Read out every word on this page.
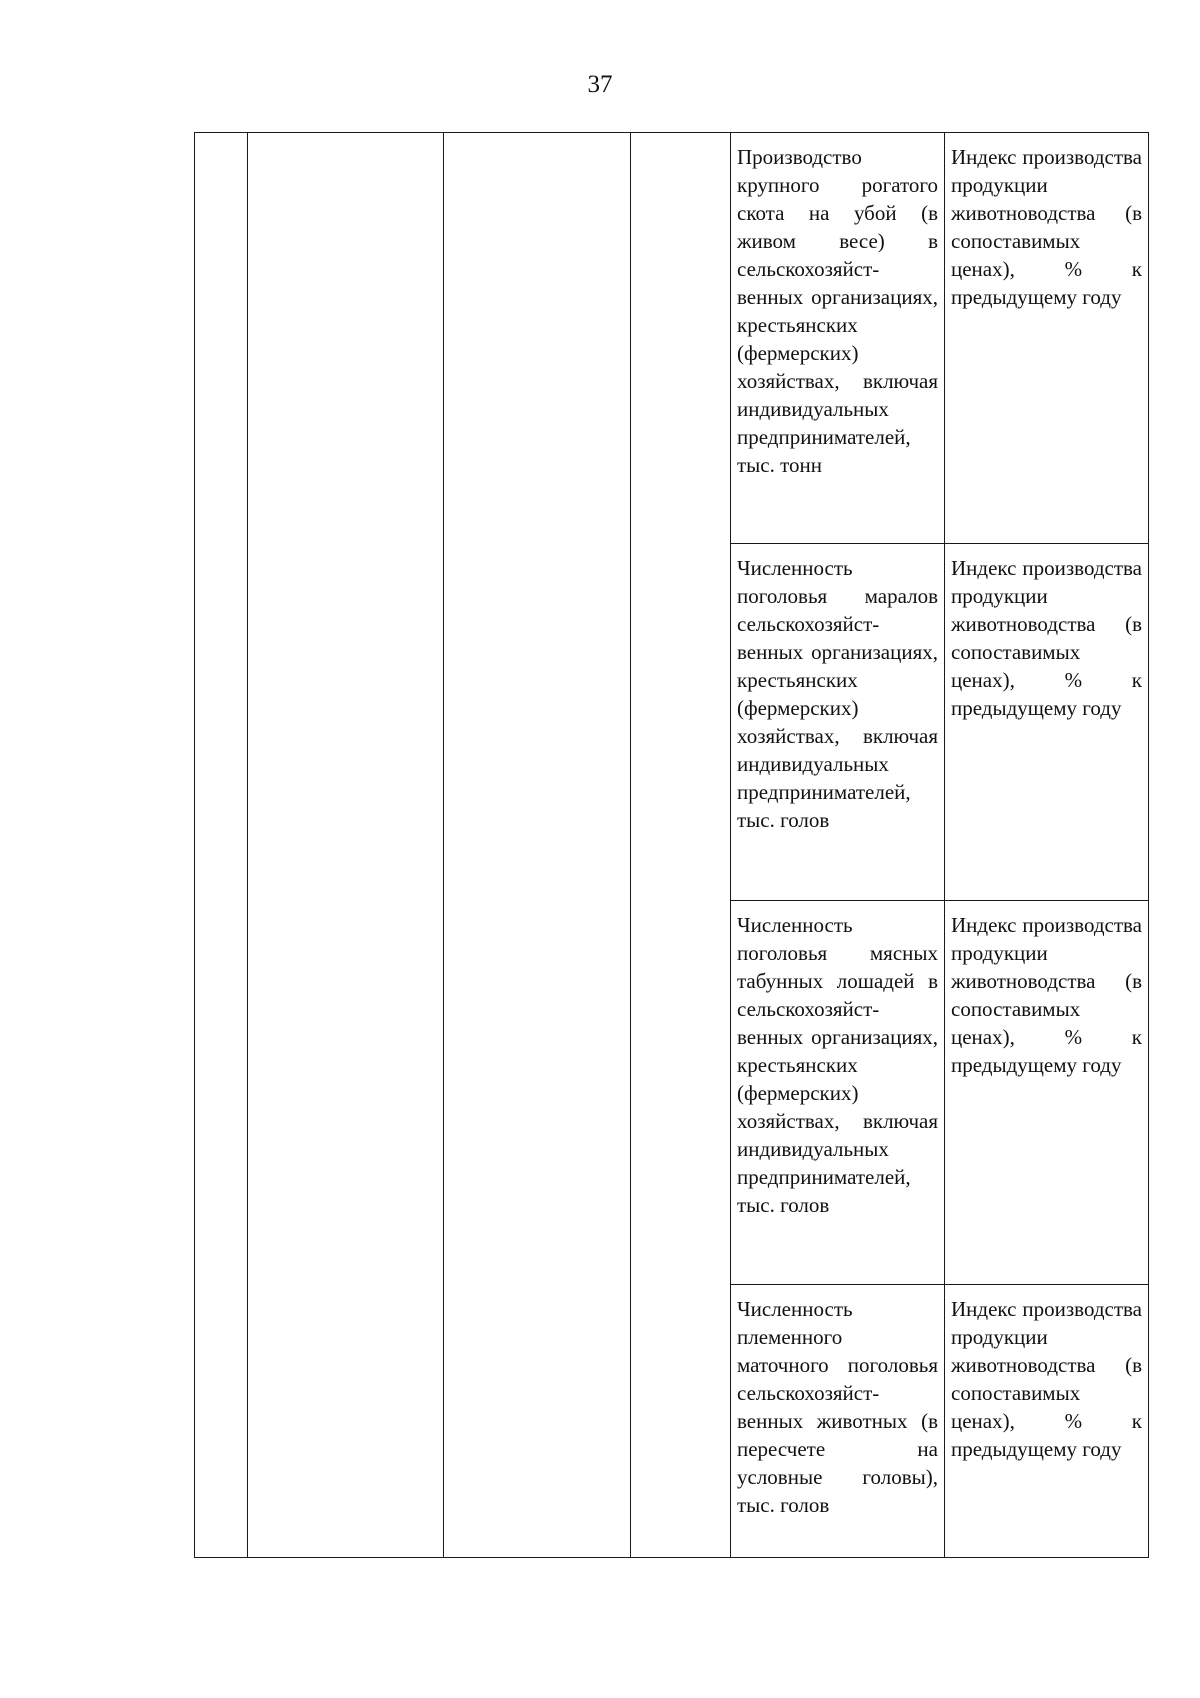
37

				Производство крупного рогатого скота на убой (в живом весе) в сельскохозяйст-венных организациях, крестьянских (фермерских) хозяйствах, включая индивидуальных предпринимателей, тыс. тонн	Индекс производства продукции животноводства (в сопоставимых ценах), % к предыдущему году

				Численность поголовья маралов сельскохозяйст-венных организациях, крестьянских (фермерских) хозяйствах, включая индивидуальных предпринимателей, тыс. голов	Индекс производства продукции животноводства (в сопоставимых ценах), % к предыдущему году

				Численность поголовья мясных табунных лошадей в сельскохозяйст-венных организациях, крестьянских (фермерских) хозяйствах, включая индивидуальных предпринимателей, тыс. голов	Индекс производства продукции животноводства (в сопоставимых ценах), % к предыдущему году

				Численность племенного маточного поголовья сельскохозяйст-венных животных (в пересчете на условные головы), тыс. голов	Индекс производства продукции животноводства (в сопоставимых ценах), % к предыдущему году
